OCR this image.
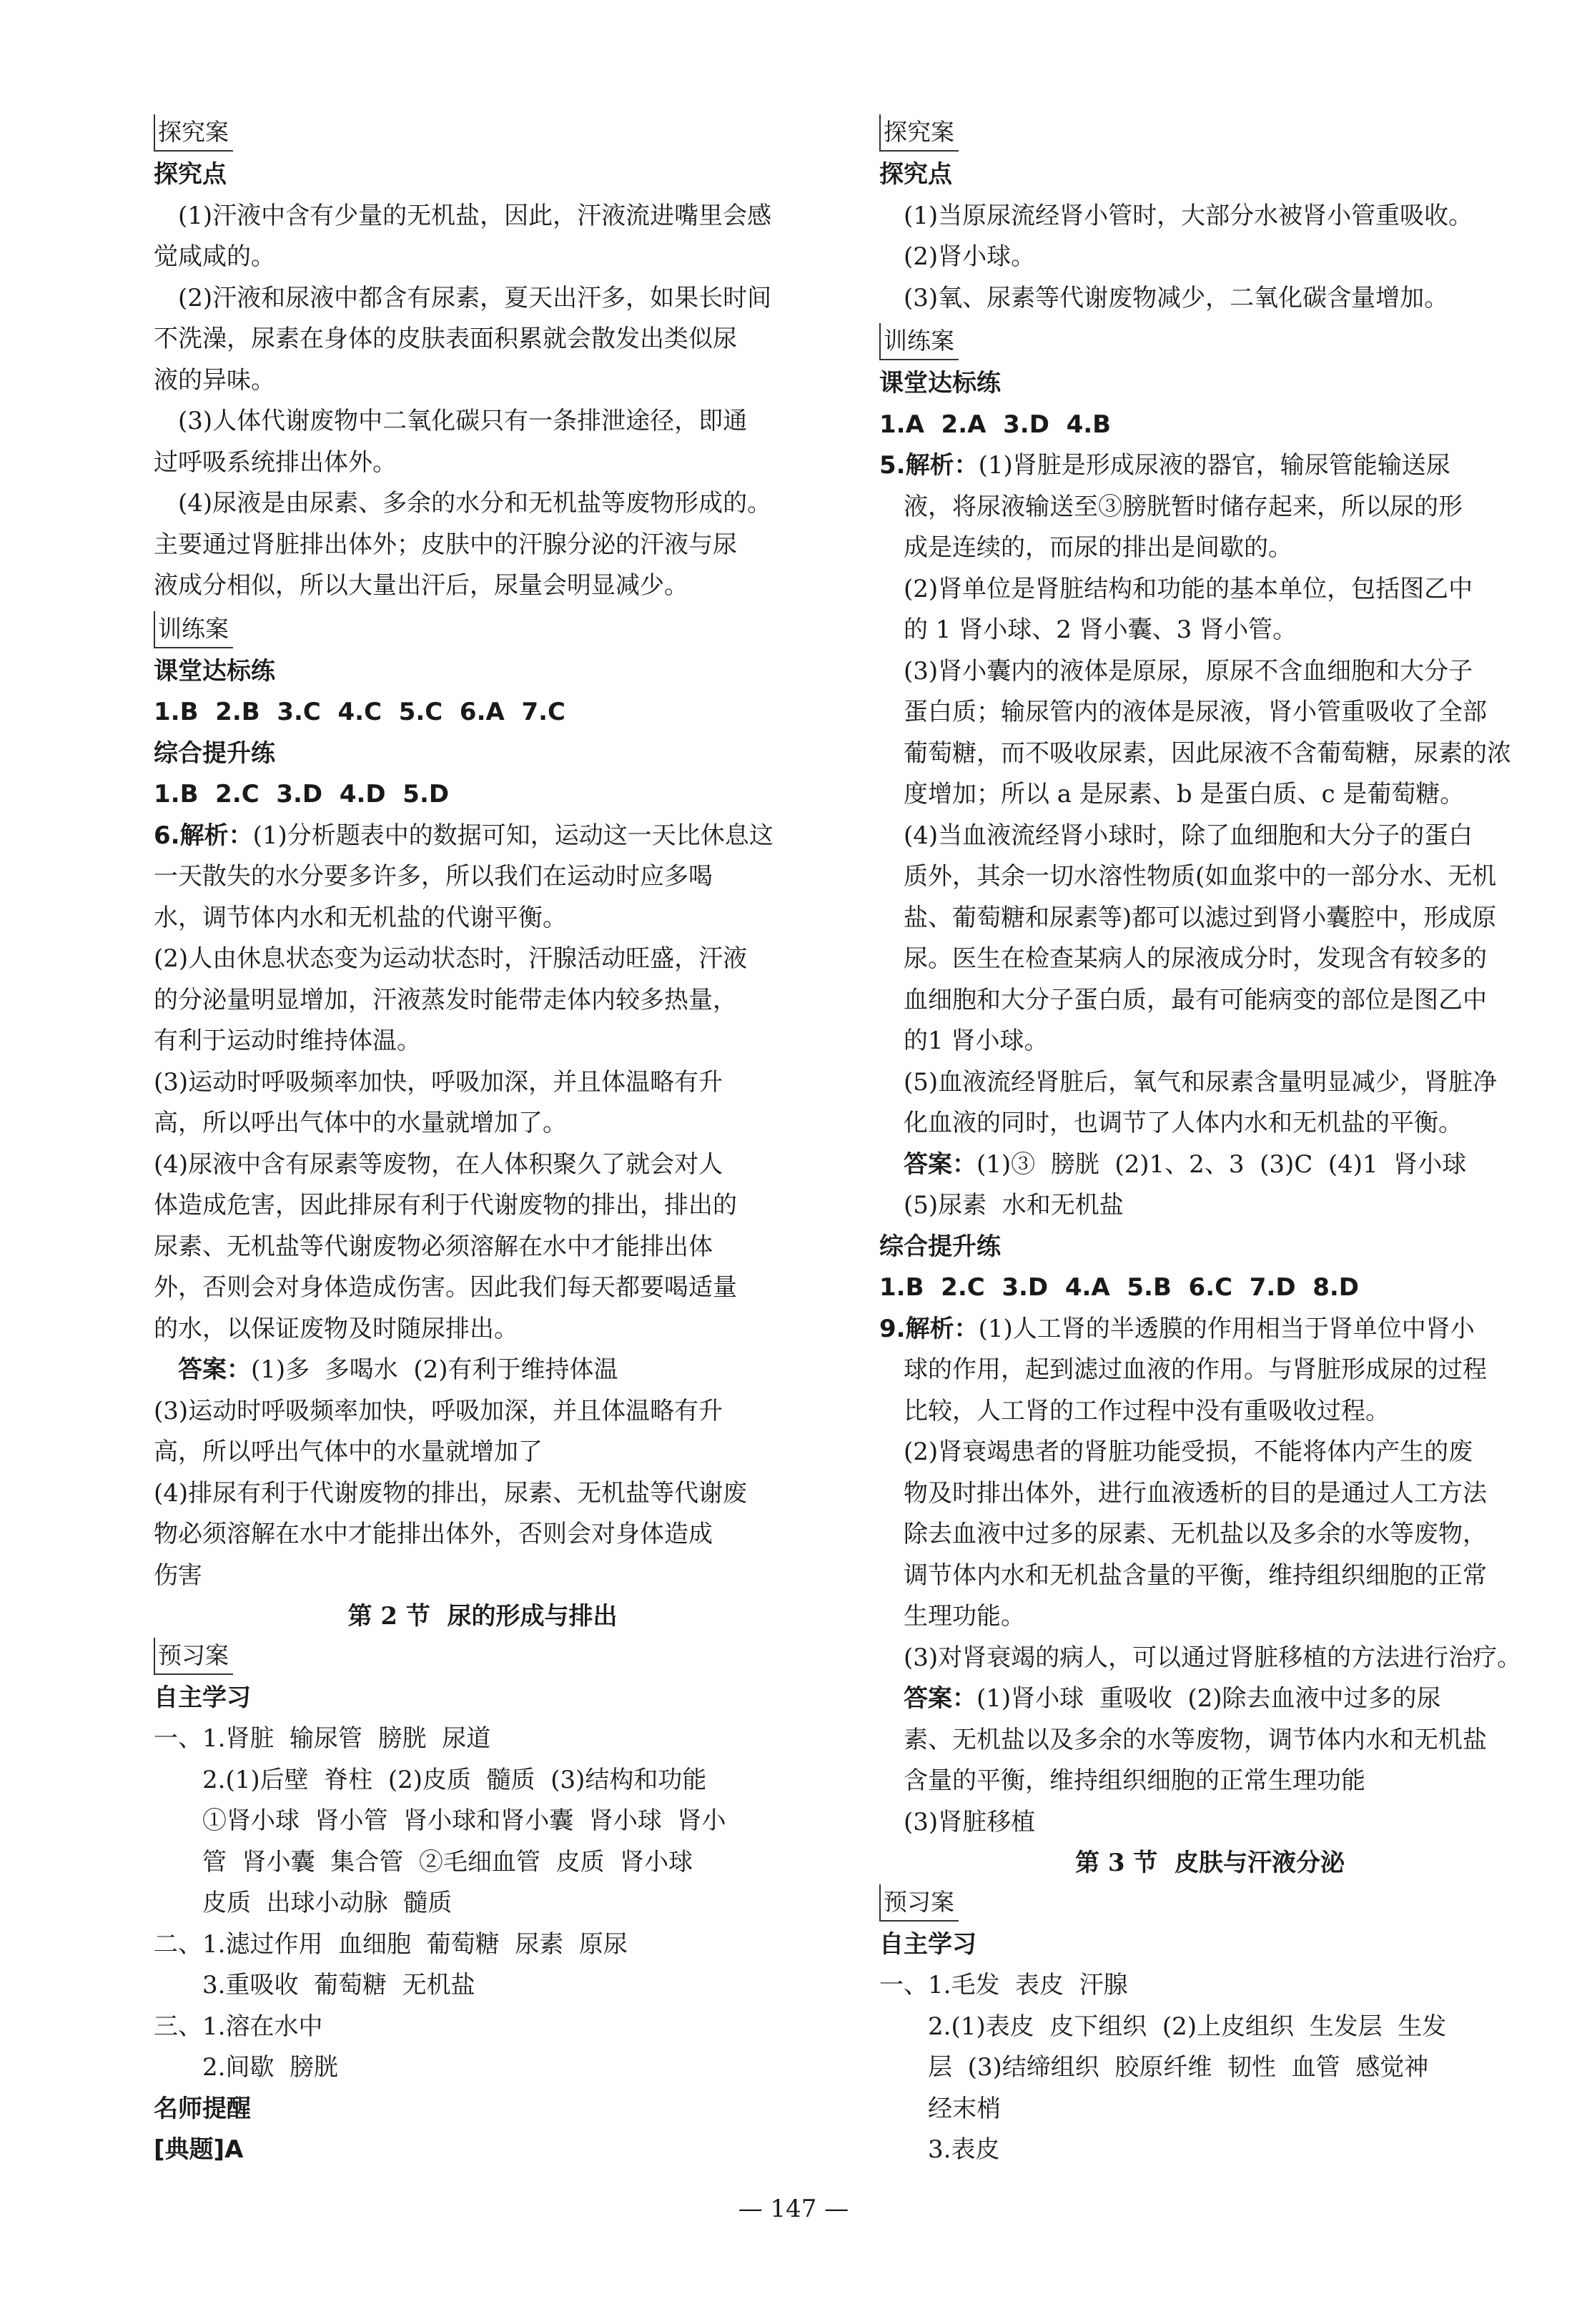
探究案

探究点

(1)汗液中含有少量的无机盐，因此，汗液流进嘴里会感

觉咸咸的。

(2)汗液和尿液中都含有尿素，夏天出汗多，如果长时间

不洗澡，尿素在身体的皮肤表面积累就会散发出类似尿

液的异味。

(3)人体代谢废物中二氧化碳只有一条排泄途径，即通

过呼吸系统排出体外。

(4)尿液是由尿素、多余的水分和无机盐等废物形成的。

主要通过肾脏排出体外；皮肤中的汗腺分泌的汗液与尿

液成分相似，所以大量出汗后，尿量会明显减少。

训练案

课堂达标练

1.B  2.B  3.C  4.C  5.C  6.A  7.C

综合提升练

1.B  2.C  3.D  4.D  5.D

6.解析：(1)分析题表中的数据可知，运动这一天比休息这

一天散失的水分要多许多，所以我们在运动时应多喝

水，调节体内水和无机盐的代谢平衡。

(2)人由休息状态变为运动状态时，汗腺活动旺盛，汗液

的分泌量明显增加，汗液蒸发时能带走体内较多热量，

有利于运动时维持体温。

(3)运动时呼吸频率加快，呼吸加深，并且体温略有升

高，所以呼出气体中的水量就增加了。

(4)尿液中含有尿素等废物，在人体积聚久了就会对人

体造成危害，因此排尿有利于代谢废物的排出，排出的

尿素、无机盐等代谢废物必须溶解在水中才能排出体

外，否则会对身体造成伤害。因此我们每天都要喝适量

的水，以保证废物及时随尿排出。

答案：(1)多  多喝水  (2)有利于维持体温

(3)运动时呼吸频率加快，呼吸加深，并且体温略有升

高，所以呼出气体中的水量就增加了

(4)排尿有利于代谢废物的排出，尿素、无机盐等代谢废

物必须溶解在水中才能排出体外，否则会对身体造成

伤害

第 2 节  尿的形成与排出

预习案

自主学习

一、1.肾脏  输尿管  膀胱  尿道

2.(1)后壁  脊柱  (2)皮质  髓质  (3)结构和功能

①肾小球  肾小管  肾小球和肾小囊  肾小球  肾小

管  肾小囊  集合管  ②毛细血管  皮质  肾小球

皮质  出球小动脉  髓质

二、1.滤过作用  血细胞  葡萄糖  尿素  原尿

3.重吸收  葡萄糖  无机盐

三、1.溶在水中

2.间歇  膀胱

名师提醒

[典题]A

探究案

探究点

(1)当原尿流经肾小管时，大部分水被肾小管重吸收。

(2)肾小球。

(3)氧、尿素等代谢废物减少，二氧化碳含量增加。

训练案

课堂达标练

1.A  2.A  3.D  4.B

5.解析：(1)肾脏是形成尿液的器官，输尿管能输送尿

液，将尿液输送至③膀胱暂时储存起来，所以尿的形

成是连续的，而尿的排出是间歇的。

(2)肾单位是肾脏结构和功能的基本单位，包括图乙中

的 1 肾小球、2 肾小囊、3 肾小管。

(3)肾小囊内的液体是原尿，原尿不含血细胞和大分子

蛋白质；输尿管内的液体是尿液，肾小管重吸收了全部

葡萄糖，而不吸收尿素，因此尿液不含葡萄糖，尿素的浓

度增加；所以 a 是尿素、b 是蛋白质、c 是葡萄糖。

(4)当血液流经肾小球时，除了血细胞和大分子的蛋白

质外，其余一切水溶性物质(如血浆中的一部分水、无机

盐、葡萄糖和尿素等)都可以滤过到肾小囊腔中，形成原

尿。医生在检查某病人的尿液成分时，发现含有较多的

血细胞和大分子蛋白质，最有可能病变的部位是图乙中

的1 肾小球。

(5)血液流经肾脏后，氧气和尿素含量明显减少，肾脏净

化血液的同时，也调节了人体内水和无机盐的平衡。

答案：(1)③  膀胱  (2)1、2、3  (3)C  (4)1  肾小球

(5)尿素  水和无机盐

综合提升练

1.B  2.C  3.D  4.A  5.B  6.C  7.D  8.D

9.解析：(1)人工肾的半透膜的作用相当于肾单位中肾小

球的作用，起到滤过血液的作用。与肾脏形成尿的过程

比较，人工肾的工作过程中没有重吸收过程。

(2)肾衰竭患者的肾脏功能受损，不能将体内产生的废

物及时排出体外，进行血液透析的目的是通过人工方法

除去血液中过多的尿素、无机盐以及多余的水等废物，

调节体内水和无机盐含量的平衡，维持组织细胞的正常

生理功能。

(3)对肾衰竭的病人，可以通过肾脏移植的方法进行治疗。

答案：(1)肾小球  重吸收  (2)除去血液中过多的尿

素、无机盐以及多余的水等废物，调节体内水和无机盐

含量的平衡，维持组织细胞的正常生理功能

(3)肾脏移植

第 3 节  皮肤与汗液分泌

预习案

自主学习

一、1.毛发  表皮  汗腺

2.(1)表皮  皮下组织  (2)上皮组织  生发层  生发

层  (3)结缔组织  胶原纤维  韧性  血管  感觉神

经末梢

3.表皮

— 147 —
